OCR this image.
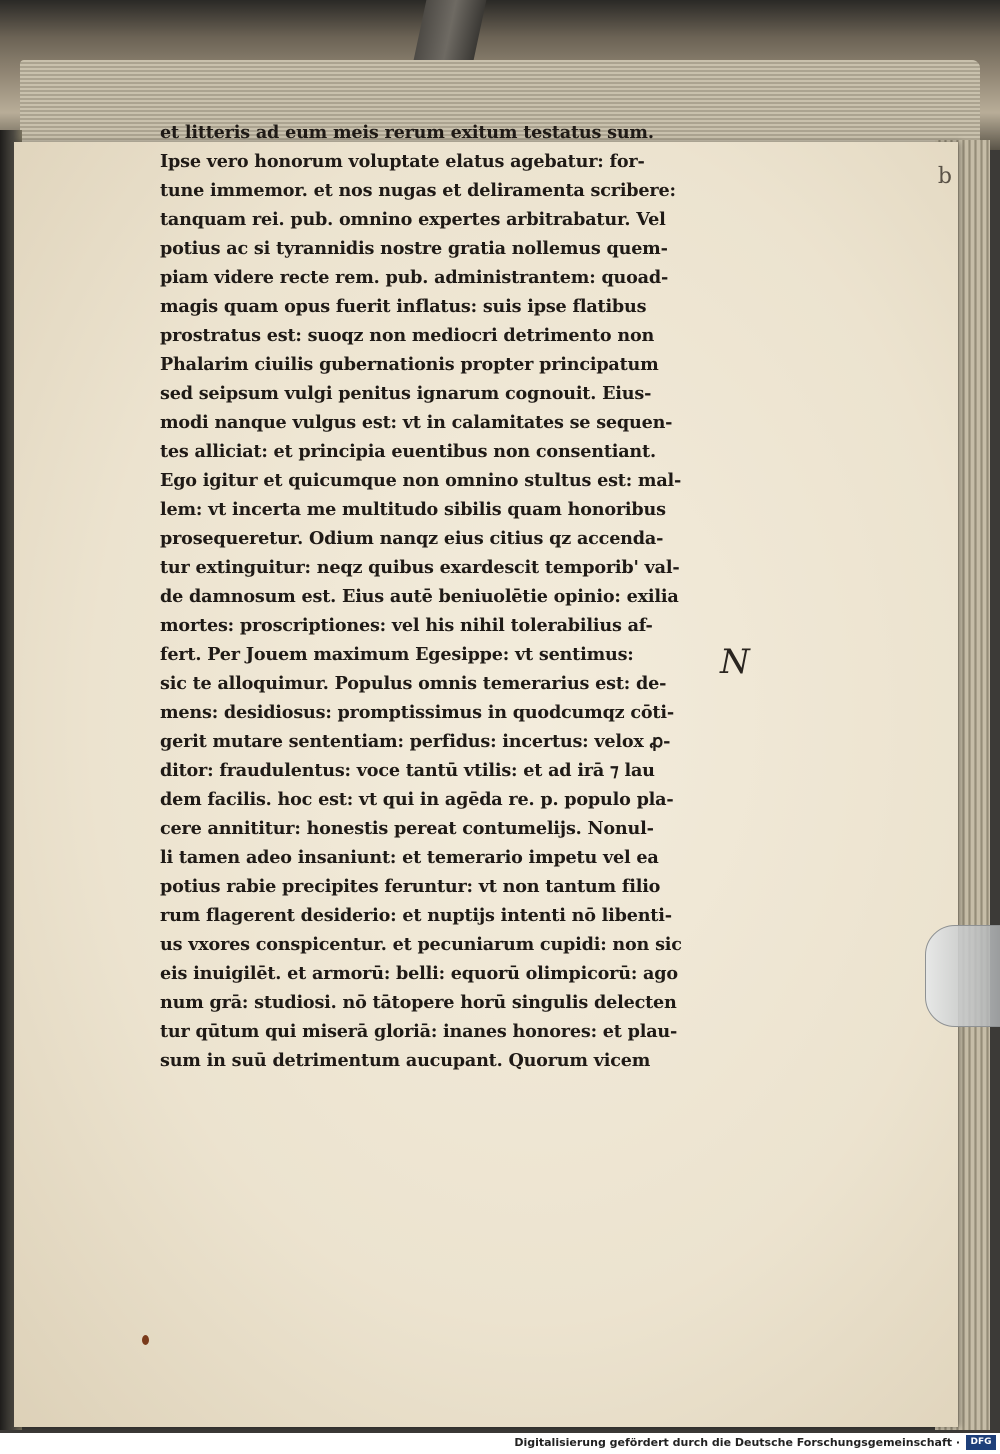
b
et litteris ad eum meis rerum exitum testatus sum.
Ipse vero honorum voluptate elatus agebatur: for-
tune immemor. et nos nugas et deliramenta scribere:
tanquam rei. pub. omnino expertes arbitrabatur. Vel
potius ac si tyrannidis nostre gratia nollemus quem-
piam videre recte rem. pub. administrantem: quoad-
magis quam opus fuerit inflatus: suis ipse flatibus
prostratus est: suoqz non mediocri detrimento non
Phalarim ciuilis gubernationis propter principatum
sed seipsum vulgi penitus ignarum cognouit. Eius-
modi nanque vulgus est: vt in calamitates se sequen-
tes alliciat: et principia euentibus non consentiant.
Ego igitur et quicumque non omnino stultus est: mal-
lem: vt incerta me multitudo sibilis quam honoribus
prosequeretur. Odium nanqz eius citius qz accenda-
tur extinguitur: neqz quibus exardescit temporib' val-
de damnosum est. Eius autē beniuolētie opinio: exilia
mortes: proscriptiones: vel his nihil tolerabilius af-
fert. Per Jouem maximum Egesippe: vt sentimus:
sic te alloquimur. Populus omnis temerarius est: de-
mens: desidiosus: promptissimus in quodcumqz cōti-
gerit mutare sententiam: perfidus: incertus: velox ꝓ-
ditor: fraudulentus: voce tantū vtilis: et ad irā ⁊ lau
dem facilis. hoc est: vt qui in agēda re. p. populo pla-
cere annititur: honestis pereat contumelijs. Nonul-
li tamen adeo insaniunt: et temerario impetu vel ea
potius rabie precipites feruntur: vt non tantum filio
rum flagerent desiderio: et nuptijs intenti nō libenti-
us vxores conspicentur. et pecuniarum cupidi: non sic
eis inuigilēt. et armorū: belli: equorū olimpicorū: ago
num grā: studiosi. nō tātopere horū singulis delecten
tur qūtum qui miserā gloriā: inanes honores: et plau-
sum in suū detrimentum aucupant. Quorum vicem
N
Digitalisierung gefördert durch die Deutsche Forschungsgemeinschaft ·	DFG
